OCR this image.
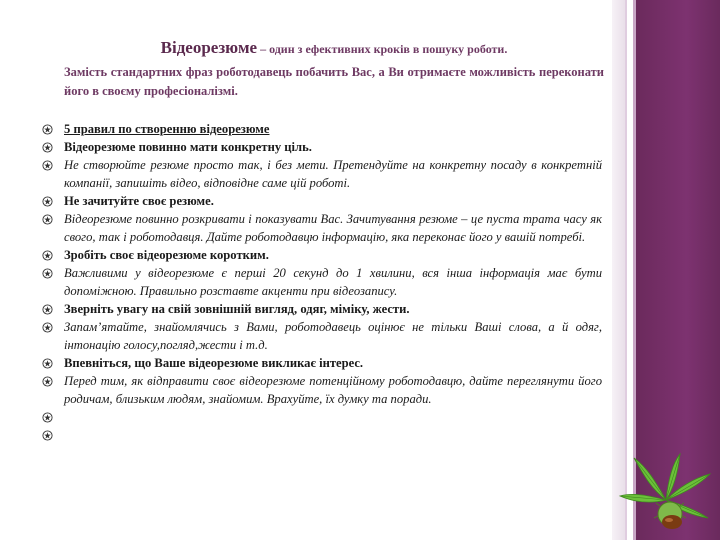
Відеорезюме – один з ефективних кроків в пошуку роботи.
Замість стандартних фраз роботодавець побачить Вас, а Ви отримаєте можливість переконати його в своєму професіоналізмі.
5 правил по створенню відеорезюме
Відеорезюме повинно мати конкретну ціль.
Не створюйте резюме просто так, і без мети. Претендуйте на конкретну посаду в конкретній компанії, запишіть відео, відповідне саме цій роботі.
Не зачитуйте своє резюме.
Відеорезюме повинно розкривати і показувати Вас. Зачитування резюме – це пуста трата часу як свого, так і роботодавця. Дайте роботодавцю інформацію, яка переконає його у вашій потребі.
Зробіть своє відеорезюме коротким.
Важливими у відеорезюме є перші 20 секунд до 1 хвилини, вся інша інформація має бути допоміжною. Правильно розставте акценти при відеозапису.
Зверніть увагу на свій зовнішній вигляд, одяг, міміку, жести.
Запам’ятайте, знайомлячись з Вами, роботодавець оцінює не тільки Ваші слова, а й одяг, інтонацію голосу,погляд,жести і т.д.
Впевніться, що Ваше відеорезюме викликає інтерес.
Перед тим, як відправити своє відеорезюме потенційному роботодавцю, дайте переглянути його родичам, близьким людям, знайомим. Врахуйте, їх думку та поради.
